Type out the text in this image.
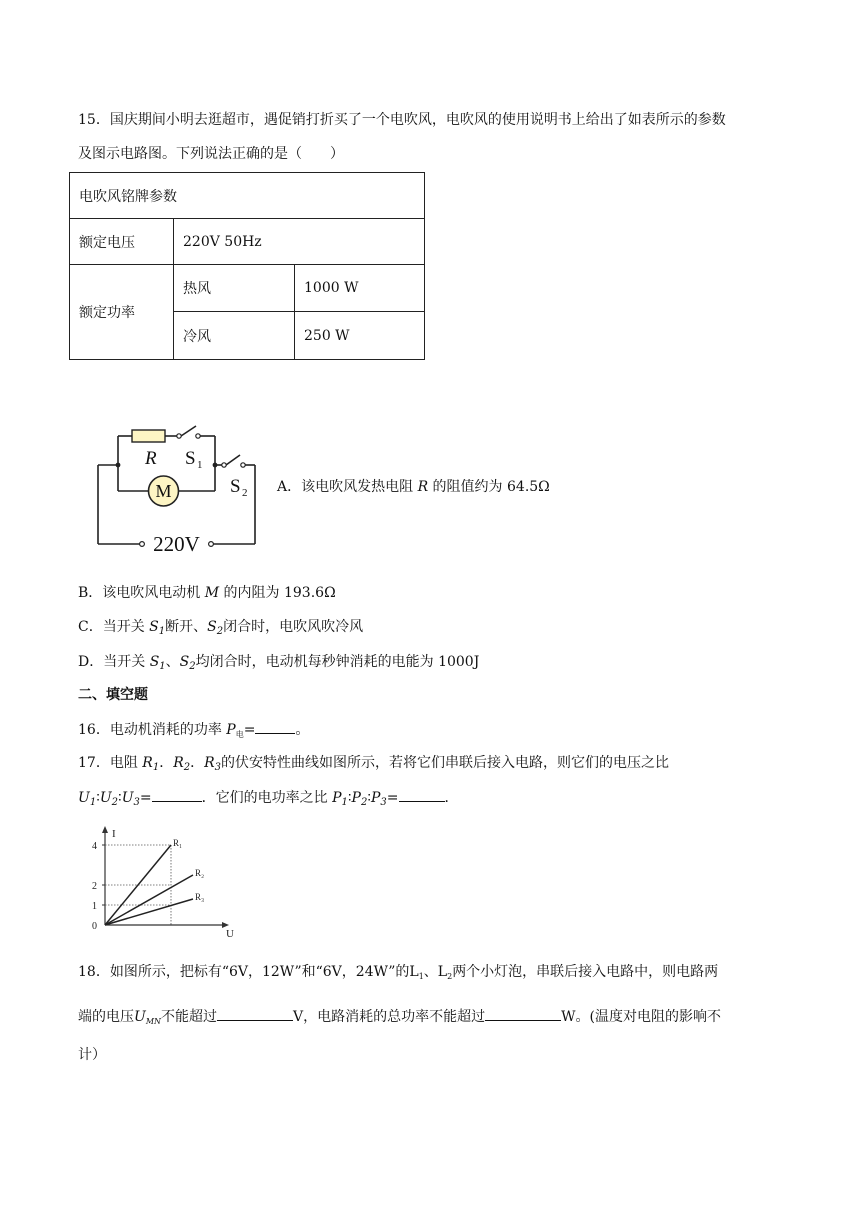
15．国庆期间小明去逛超市，遇促销打折买了一个电吹风，电吹风的使用说明书上给出了如表所示的参数
及图示电路图。下列说法正确的是（　　）
电吹风铭牌参数		
额定电压	220V 50Hz	
额定功率	热风	1000 W
	冷风	250 W
M
220V
R S 1
S 2 A．该电吹风发热电阻 R 的阻值约为 64.5Ω
B．该电吹风电动机 M 的内阻为 193.6Ω
C．当开关 $S_1$断开、$S_2$闭合时，电吹风吹冷风
D．当开关 $S_1$、$S_2$均闭合时，电动机每秒钟消耗的电能为 1000J
二、填空题
16．电动机消耗的功率 $P_电=$	。
17．电阻 $R_1$．$R_2$．$R_3$的伏安特性曲线如图所示，若将它们串联后接入电路，则它们的电压之比
$U_1∶U_2∶U_3=$	．它们的电功率之比 $P_1∶P_2∶P_3=$	．
I
U
0
4
2
1
R₁
R₂
R₃
18．如图所示，把标有“6V，12W”和“6V，24W”的$L_1$、$L_2$两个小灯泡，串联后接入电路中，则电路两
端的电压$U_{MN}$不能超过	V，电路消耗的总功率不能超过	W。(温度对电阻的影响不
计）
